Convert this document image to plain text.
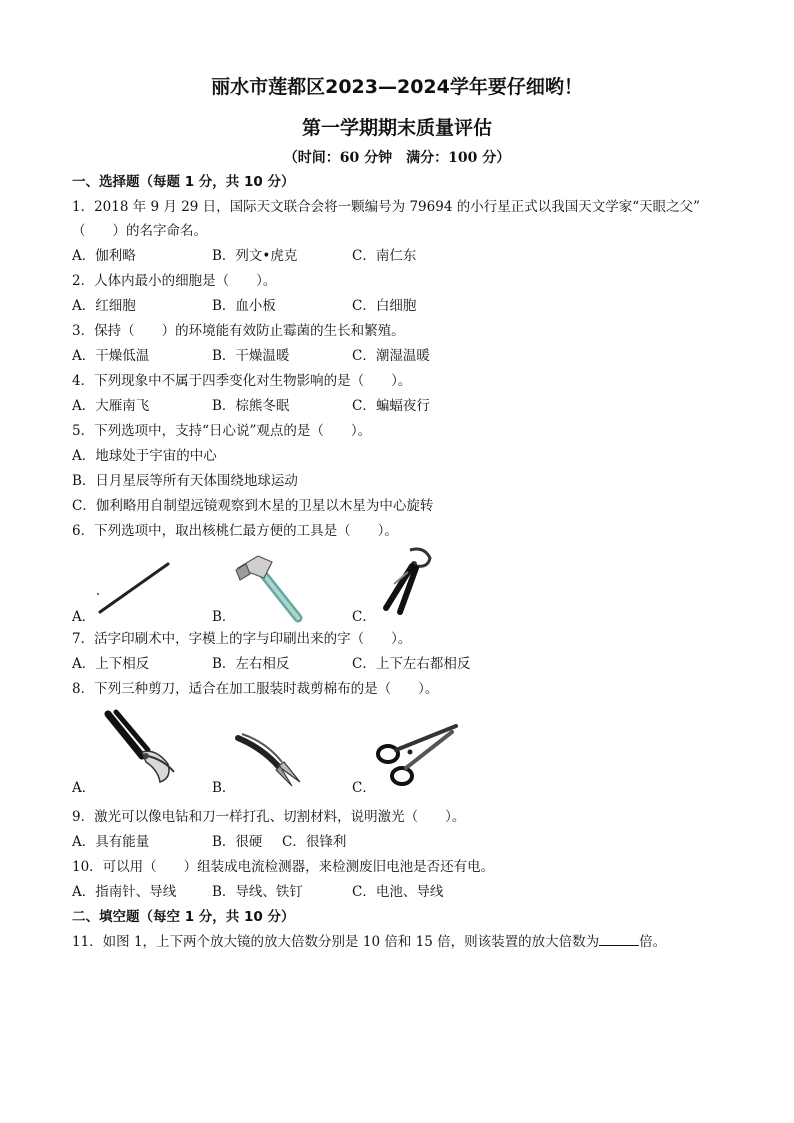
丽水市莲都区2023—2024学年要仔细哟！
第一学期期末质量评估
（时间：60 分钟　满分：100 分）
一、选择题（每题 1 分，共 10 分）
1．2018 年 9 月 29 日，国际天文联合会将一颗编号为 79694 的小行星正式以我国天文学家“天眼之父”
（　　）的名字命名。
A．伽利略	B．列文•虎克	C．南仁东
2．人体内最小的细胞是（　　）。
A．红细胞	B．血小板	C．白细胞
3．保持（　　）的环境能有效防止霉菌的生长和繁殖。
A．干燥低温	B．干燥温暖	C．潮湿温暖
4．下列现象中不属于四季变化对生物影响的是（　　）。
A．大雁南飞	B．棕熊冬眠	C．蝙蝠夜行
5．下列选项中，支持“日心说”观点的是（　　）。
A．地球处于宇宙的中心
B．日月星辰等所有天体围绕地球运动
C．伽利略用自制望远镜观察到木星的卫星以木星为中心旋转
6．下列选项中，取出核桃仁最方便的工具是（　　）。
A．	B．	C．
7．活字印刷术中，字模上的字与印刷出来的字（　　）。
A．上下相反	B．左右相反	C．上下左右都相反
8．下列三种剪刀，适合在加工服装时裁剪棉布的是（　　）。
A．	B．	C．
9．激光可以像电钻和刀一样打孔、切割材料，说明激光（　　）。
A．具有能量	B．很硬 C．很锋利
10．可以用（　　）组装成电流检测器，来检测废旧电池是否还有电。
A．指南针、导线	B．导线、铁钉	C．电池、导线
二、填空题（每空 1 分，共 10 分）
11．如图 1，上下两个放大镜的放大倍数分别是 10 倍和 15 倍，则该装置的放大倍数为	倍。
